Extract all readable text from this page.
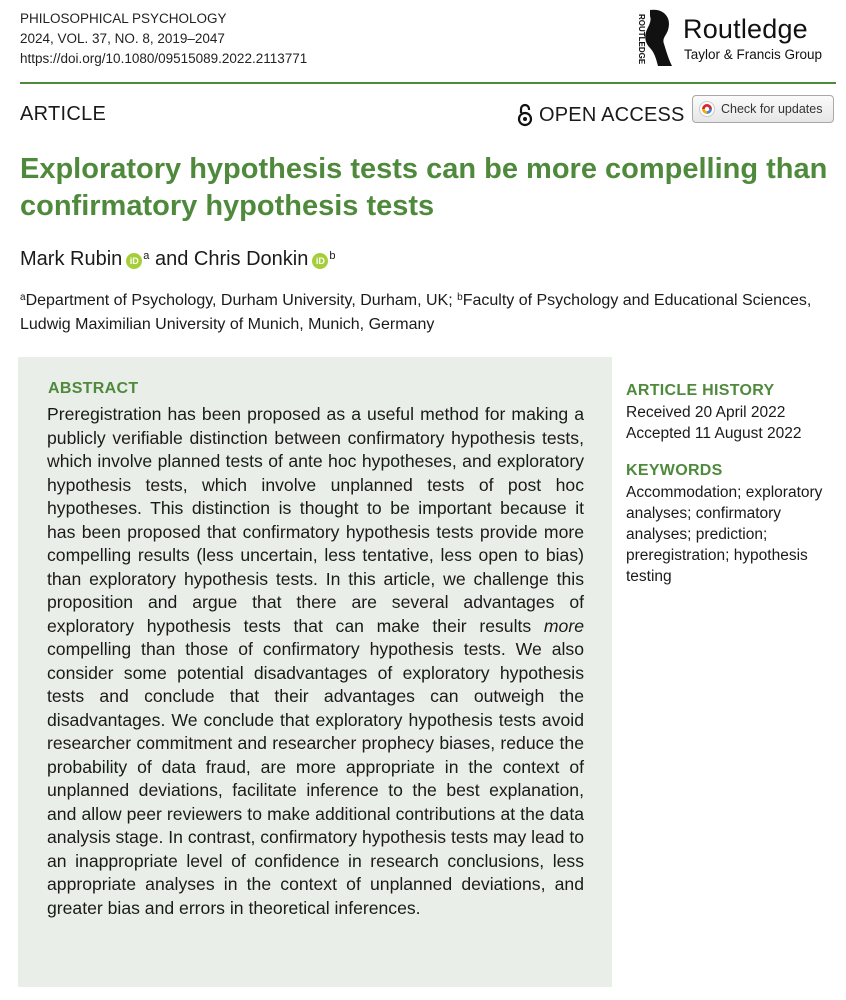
PHILOSOPHICAL PSYCHOLOGY
2024, VOL. 37, NO. 8, 2019–2047
https://doi.org/10.1080/09515089.2022.2113771	ROUTLEDGE Routledge
Taylor & Francis Group
ARTICLE	OPEN ACCESS	Check for updates
Exploratory hypothesis tests can be more compelling than confirmatory hypothesis tests
Mark Rubin iD $^a$ and Chris Donkin iD $^b$
$^a$Department of Psychology, Durham University, Durham, UK; $^b$Faculty of Psychology and Educational Sciences, Ludwig Maximilian University of Munich, Munich, Germany
ABSTRACT
Preregistration has been proposed as a useful method for making a publicly verifiable distinction between confirmatory hypothesis tests, which involve planned tests of ante hoc hypotheses, and exploratory hypothesis tests, which involve unplanned tests of post hoc hypotheses. This distinction is thought to be important because it has been proposed that confirmatory hypothesis tests provide more compelling results (less uncertain, less tentative, less open to bias) than exploratory hypothesis tests. In this article, we challenge this proposition and argue that there are several advantages of exploratory hypothesis tests that can make their results more compelling than those of confirmatory hypothesis tests. We also consider some potential disadvantages of exploratory hypothesis tests and conclude that their advantages can outweigh the disadvantages. We conclude that exploratory hypothesis tests avoid researcher commitment and researcher prophecy biases, reduce the probability of data fraud, are more appropriate in the context of unplanned deviations, facilitate inference to the best explanation, and allow peer reviewers to make additional contributions at the data analysis stage. In contrast, confirmatory hypothesis tests may lead to an inappropriate level of confidence in research conclusions, less appropriate analyses in the context of unplanned deviations, and greater bias and errors in theoretical inferences.
ARTICLE HISTORY
Received 20 April 2022
Accepted 11 August 2022
KEYWORDS
Accommodation; exploratory analyses; confirmatory analyses; prediction; preregistration; hypothesis testing
